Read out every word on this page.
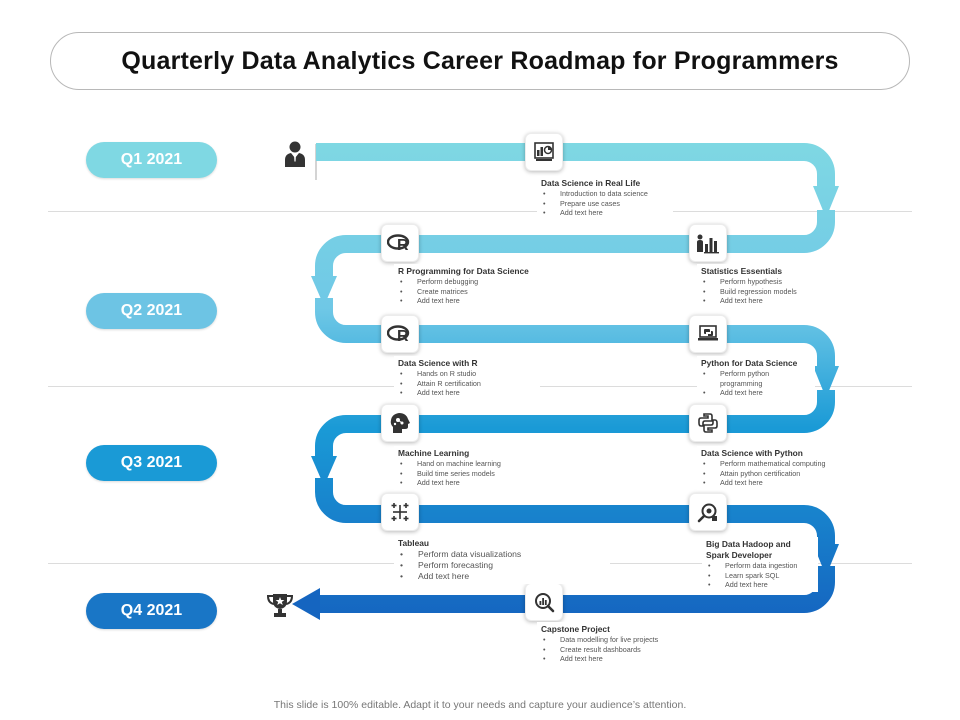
Quarterly Data Analytics Career Roadmap for Programmers
Q1 2021
Q2 2021
Q3 2021
Q4 2021
R
R
Data Science in Real Life
• Introduction to data science
• Prepare use cases
• Add text here
Statistics Essentials
• Perform hypothesis
• Build regression models
• Add text here
R Programming for Data Science
• Perform debugging
• Create matrices
• Add text here
Data Science with R
• Hands on R studio
• Attain R certification
• Add text here
Python for Data Science
• Perform python programming
• Add text here
Machine Learning
• Hand on machine learning
• Build time series models
• Add text here
Data Science with Python
• Perform mathematical computing
• Attain python certification
• Add text here
Tableau
• Perform data visualizations
• Perform forecasting
• Add text here
Big Data Hadoop and Spark Developer
• Perform data ingestion
• Learn spark SQL
• Add text here
Capstone Project
• Data modelling for live projects
• Create result dashboards
• Add text here
This slide is 100% editable. Adapt it to your needs and capture your audience’s attention.
